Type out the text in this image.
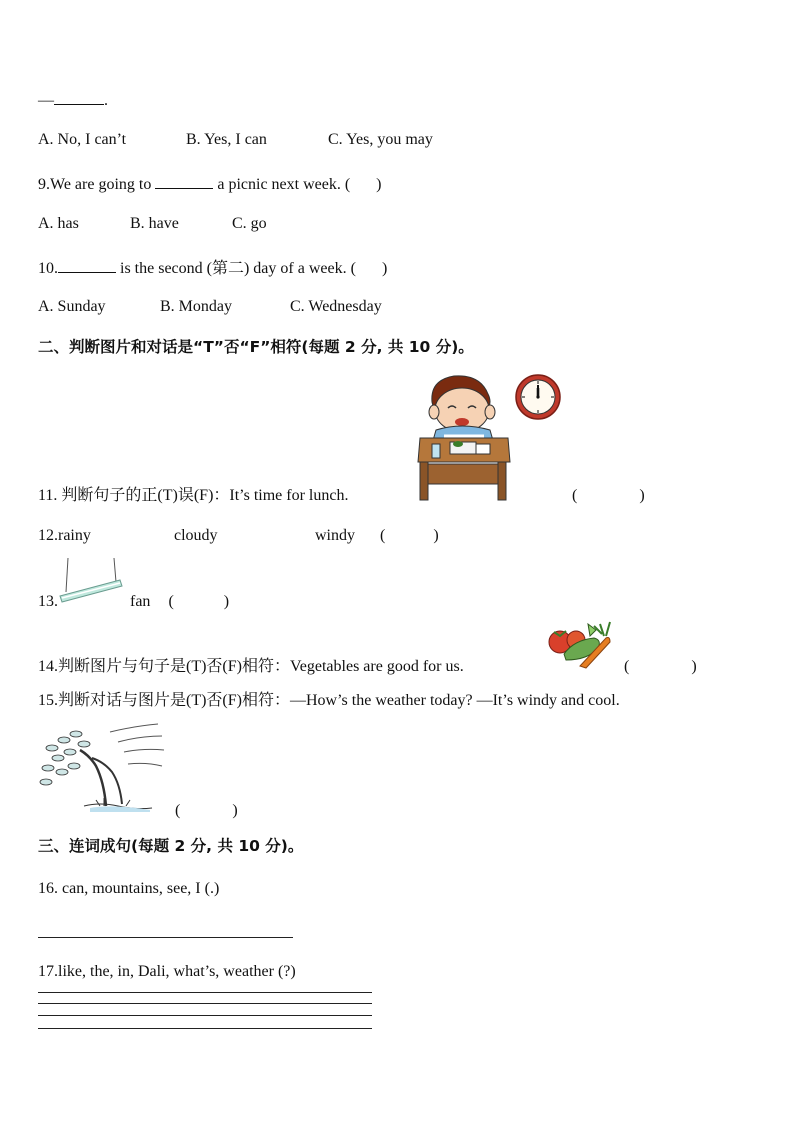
—	.
A. No, I can’t	B. Yes, I can	C. Yes, you may
9.We are going to	a picnic next week. ( )
A. has	B. have	C. go
10.	is the second (第二) day of a week. ( )
A. Sunday	B. Monday	C. Wednesday
二、判断图片和对话是“T”否“F”相符(每题 2 分, 共 10 分)。
11. 判断句子的正(T)误(F)：It’s time for lunch.	(	)
12.rainy	cloudy	windy (	)
13.	fan (	)
14.判断图片与句子是(T)否(F)相符：Vegetables are good for us.	(	)
15.判断对话与图片是(T)否(F)相符：—How’s the weather today? —It’s windy and cool.
(	)
三、连词成句(每题 2 分, 共 10 分)。
16. can, mountains, see, I (.)
17.like, the, in, Dali, what’s, weather (?)
